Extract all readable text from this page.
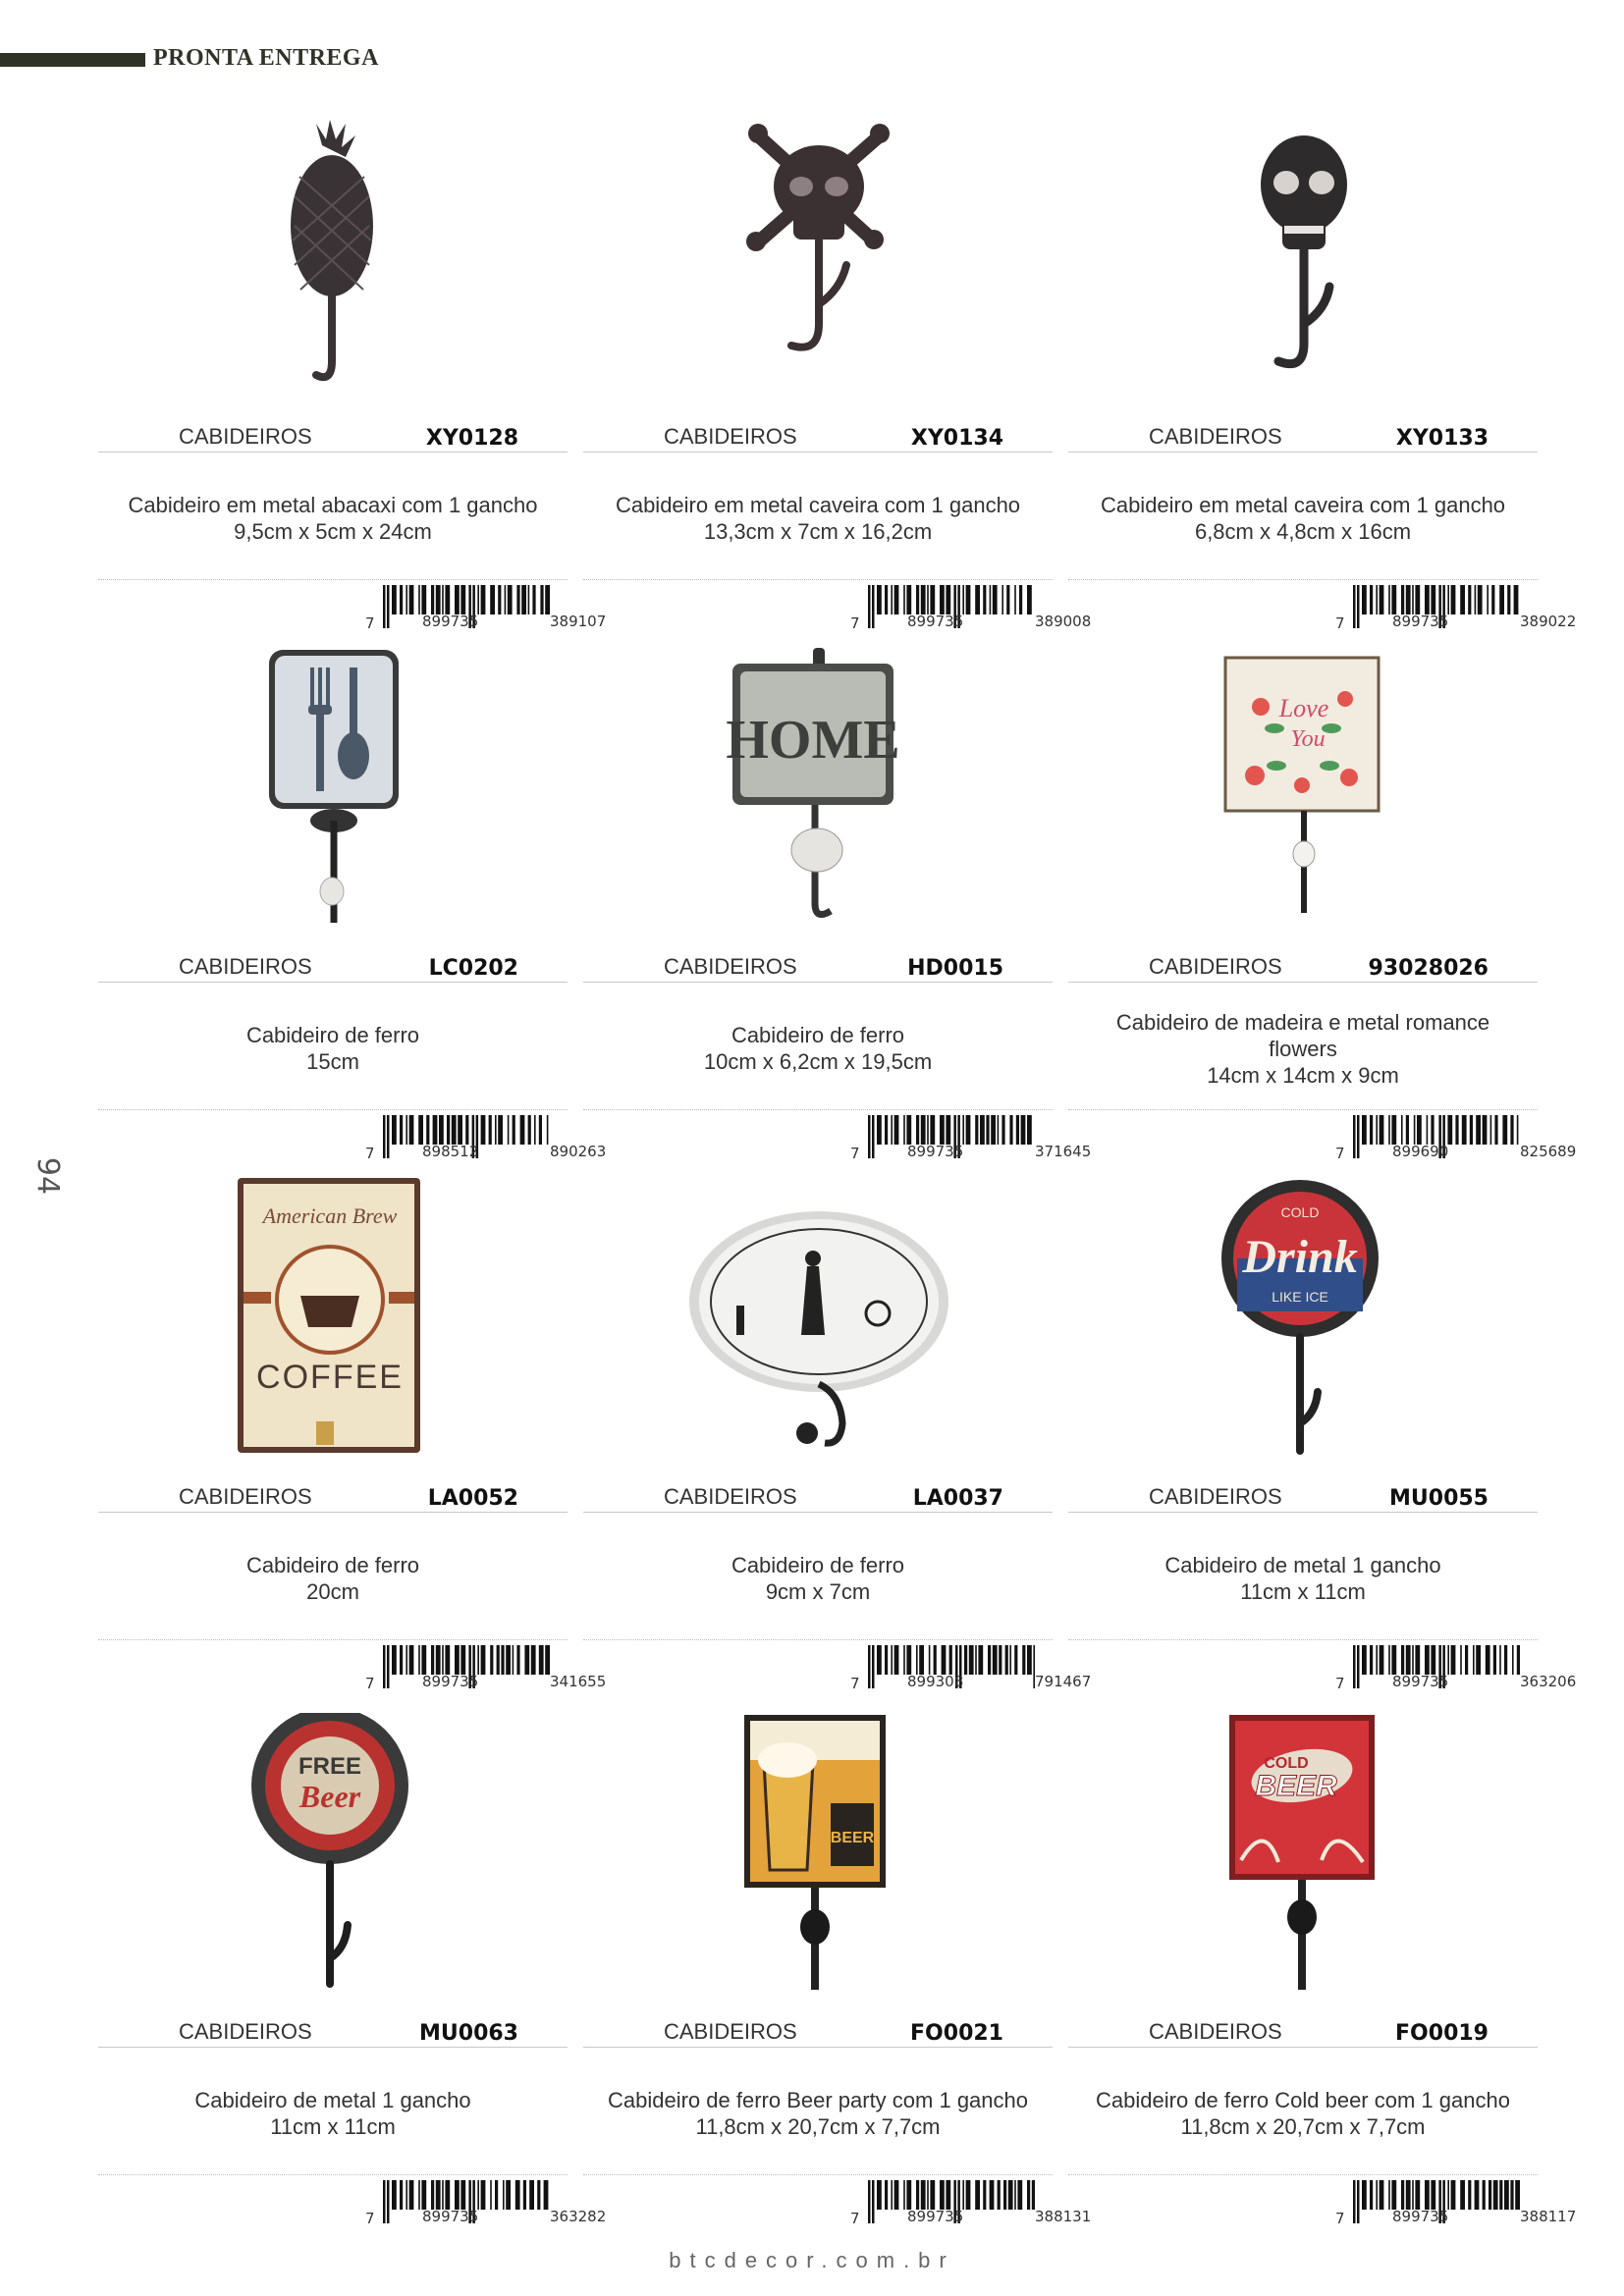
PRONTA ENTREGA
94
CABIDEIROS	XY0128
Cabideiro em metal abacaxi com 1 gancho
9,5cm x 5cm x 24cm
7	899735	389107
CABIDEIROS	XY0134
Cabideiro em metal caveira com 1 gancho
13,3cm x 7cm x 16,2cm
7	899735	389008
CABIDEIROS	XY0133
Cabideiro em metal caveira com 1 gancho
6,8cm x 4,8cm x 16cm
7	899735	389022
CABIDEIROS	LC0202
Cabideiro de ferro
15cm
7	898512	890263
HOME
CABIDEIROS	HD0015
Cabideiro de ferro
10cm x 6,2cm x 19,5cm
7	899735	371645
Love
You
CABIDEIROS	93028026
Cabideiro de madeira e metal romance
flowers
14cm x 14cm x 9cm
7	899690	825689
American Brew
COFFEE
CABIDEIROS	LA0052
Cabideiro de ferro
20cm
7	899735	341655
CABIDEIROS	LA0037
Cabideiro de ferro
9cm x 7cm
7	899308	791467
COLD
Drink
LIKE ICE
CABIDEIROS	MU0055
Cabideiro de metal 1 gancho
11cm x 11cm
7	899735	363206
FREE
Beer
CABIDEIROS	MU0063
Cabideiro de metal 1 gancho
11cm x 11cm
7	899735	363282
BEER
CABIDEIROS	FO0021
Cabideiro de ferro Beer party com 1 gancho
11,8cm x 20,7cm x 7,7cm
7	899735	388131
COLD
BEER
CABIDEIROS	FO0019
Cabideiro de ferro Cold beer com 1 gancho
11,8cm x 20,7cm x 7,7cm
7	899735	388117
btcdecor.com.br
